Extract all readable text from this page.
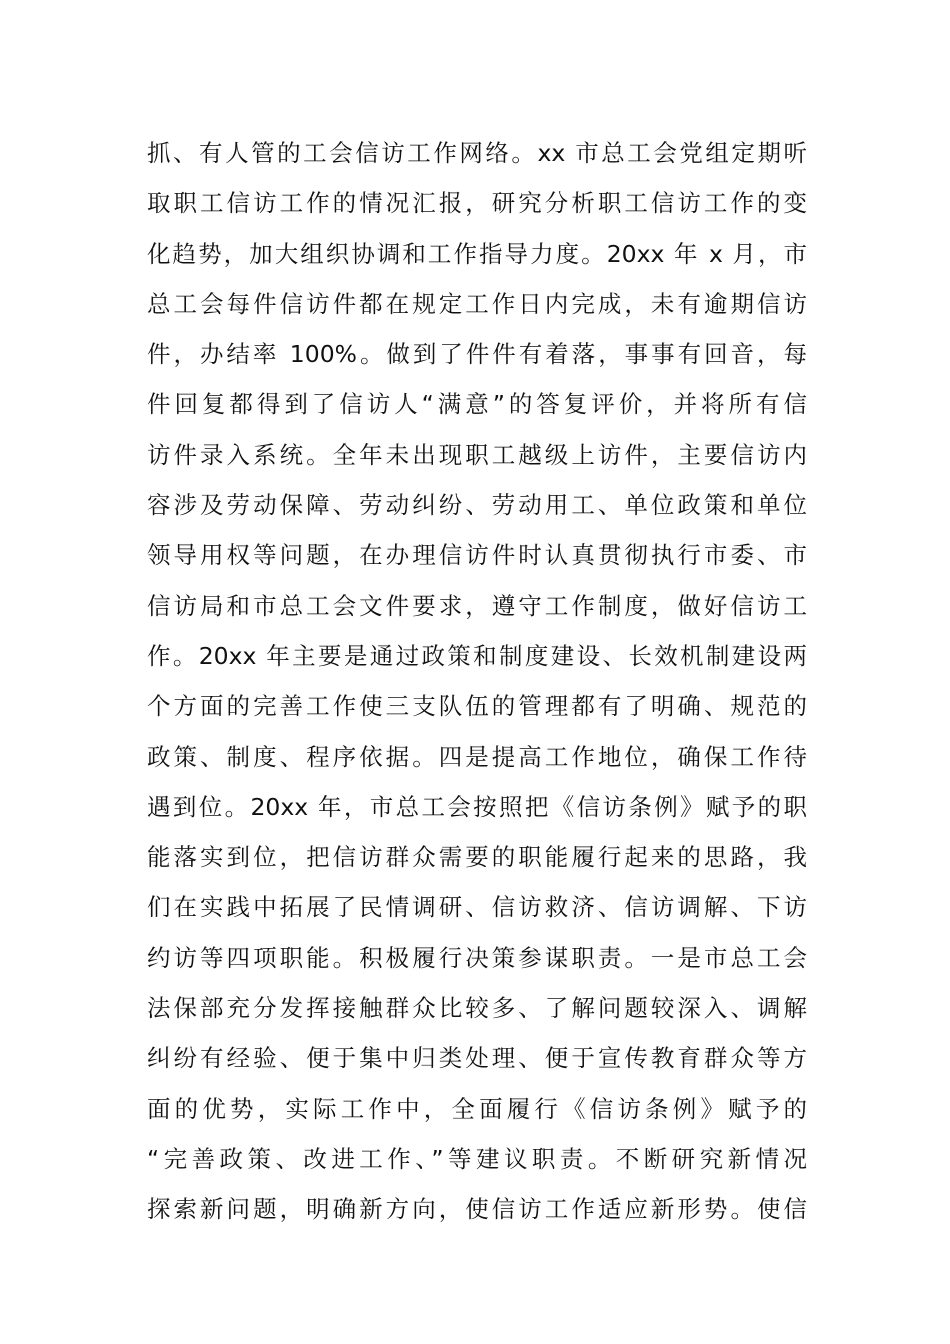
抓、有人管的工会信访工作网络。xx 市总工会党组定期听
取职工信访工作的情况汇报，研究分析职工信访工作的变
化趋势，加大组织协调和工作指导力度。20xx 年 x 月，市
总工会每件信访件都在规定工作日内完成，未有逾期信访
件，办结率 100%。做到了件件有着落，事事有回音，每
件回复都得到了信访人“满意”的答复评价，并将所有信
访件录入系统。全年未出现职工越级上访件，主要信访内
容涉及劳动保障、劳动纠纷、劳动用工、单位政策和单位
领导用权等问题，在办理信访件时认真贯彻执行市委、市
信访局和市总工会文件要求，遵守工作制度，做好信访工
作。20xx 年主要是通过政策和制度建设、长效机制建设两
个方面的完善工作使三支队伍的管理都有了明确、规范的
政策、制度、程序依据。四是提高工作地位，确保工作待
遇到位。20xx 年，市总工会按照把《信访条例》赋予的职
能落实到位，把信访群众需要的职能履行起来的思路，我
们在实践中拓展了民情调研、信访救济、信访调解、下访
约访等四项职能。积极履行决策参谋职责。一是市总工会
法保部充分发挥接触群众比较多、了解问题较深入、调解
纠纷有经验、便于集中归类处理、便于宣传教育群众等方
面的优势，实际工作中，全面履行《信访条例》赋予的
“完善政策、改进工作、”等建议职责。不断研究新情况
探索新问题，明确新方向，使信访工作适应新形势。使信
